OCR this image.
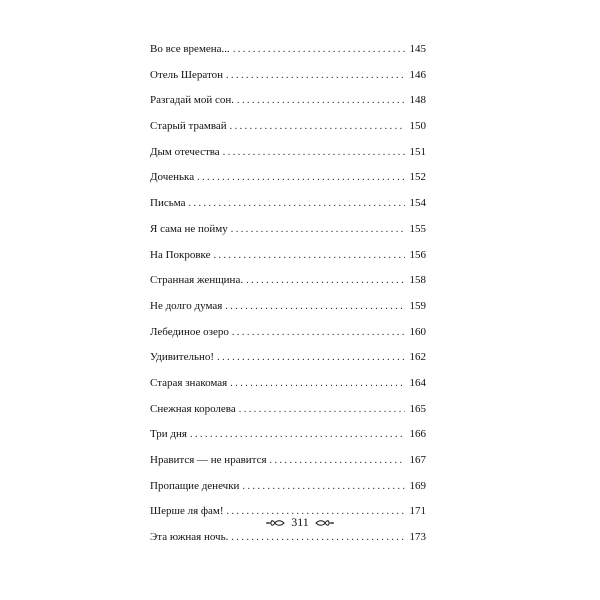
Во все времена... . . .	145
Отель Шератон . . .	146
Разгадай мой сон. . . .	148
Старый трамвай . . .	150
Дым отечества . . .	151
Доченька . . .	152
Письма . . .	154
Я сама не пойму . . .	155
На Покровке . . .	156
Странная женщина. . . .	158
Не долго думая . . .	159
Лебединое озеро . . .	160
Удивительно! . . .	162
Старая знакомая . . .	164
Снежная королева . . .	165
Три дня . . .	166
Нравится — не нравится . . .	167
Пропащие денечки . . .	169
Шерше ля фам! . . .	171
Эта южная ночь. . . .	173
311
